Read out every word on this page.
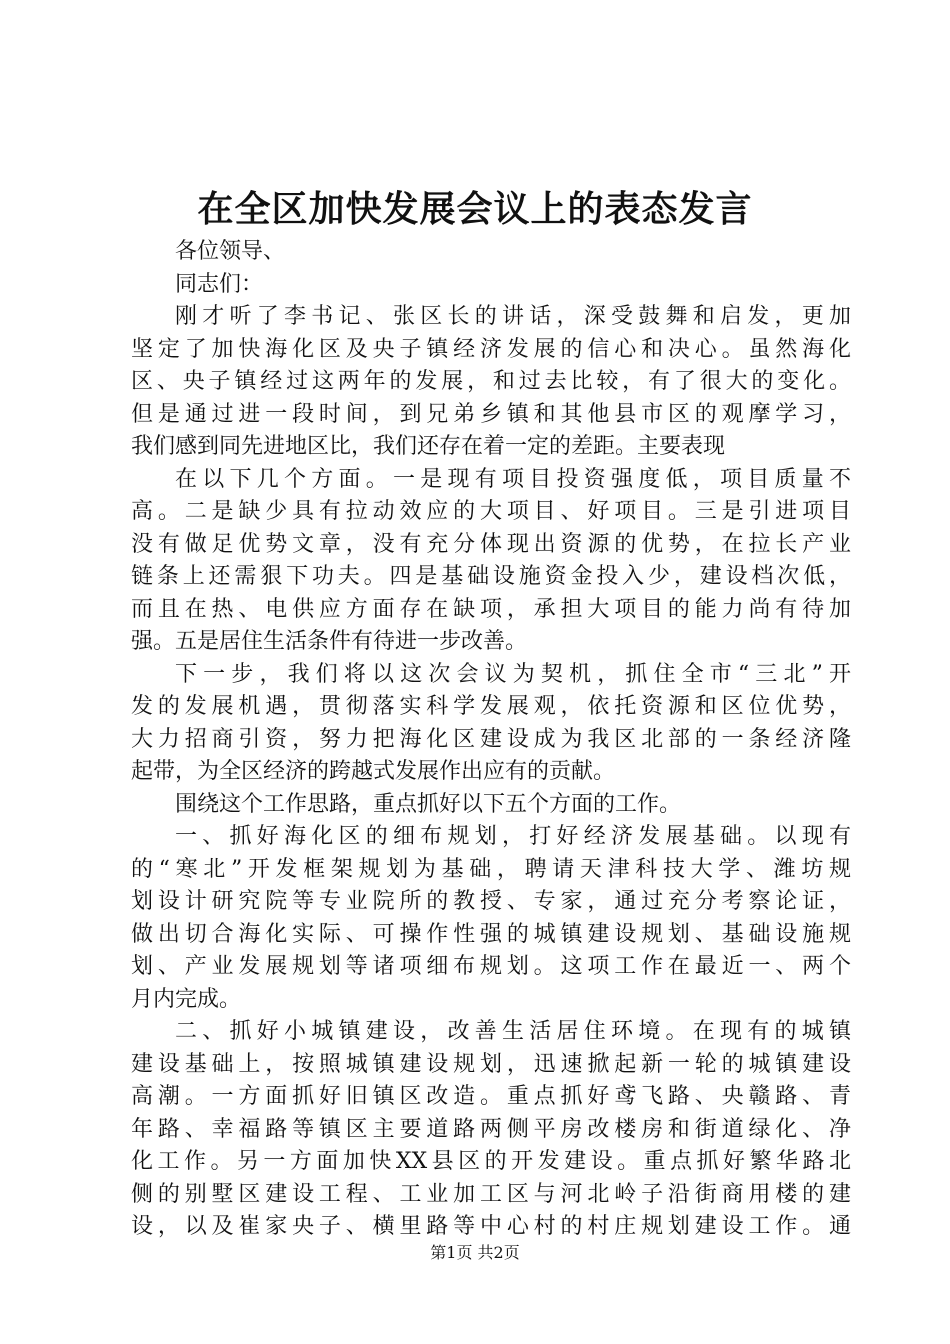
在全区加快发展会议上的表态发言
各位领导、
同志们：
刚才听了李书记、张区长的讲话，深受鼓舞和启发，更加
坚定了加快海化区及央子镇经济发展的信心和决心。虽然海化
区、央子镇经过这两年的发展，和过去比较，有了很大的变化。
但是通过进一段时间，到兄弟乡镇和其他县市区的观摩学习，
我们感到同先进地区比，我们还存在着一定的差距。主要表现
在以下几个方面。一是现有项目投资强度低，项目质量不
高。二是缺少具有拉动效应的大项目、好项目。三是引进项目
没有做足优势文章，没有充分体现出资源的优势，在拉长产业
链条上还需狠下功夫。四是基础设施资金投入少，建设档次低，
而且在热、电供应方面存在缺项，承担大项目的能力尚有待加
强。五是居住生活条件有待进一步改善。
下一步，我们将以这次会议为契机，抓住全市“三北”开
发的发展机遇，贯彻落实科学发展观，依托资源和区位优势，
大力招商引资，努力把海化区建设成为我区北部的一条经济隆
起带，为全区经济的跨越式发展作出应有的贡献。
围绕这个工作思路，重点抓好以下五个方面的工作。
一、抓好海化区的细布规划，打好经济发展基础。以现有
的“寒北”开发框架规划为基础，聘请天津科技大学、潍坊规
划设计研究院等专业院所的教授、专家，通过充分考察论证，
做出切合海化实际、可操作性强的城镇建设规划、基础设施规
划、产业发展规划等诸项细布规划。这项工作在最近一、两个
月内完成。
二、抓好小城镇建设，改善生活居住环境。在现有的城镇
建设基础上，按照城镇建设规划，迅速掀起新一轮的城镇建设
高潮。一方面抓好旧镇区改造。重点抓好鸢飞路、央赣路、青
年路、幸福路等镇区主要道路两侧平房改楼房和街道绿化、净
化工作。另一方面加快XX县区的开发建设。重点抓好繁华路北
侧的别墅区建设工程、工业加工区与河北岭子沿街商用楼的建
设，以及崔家央子、横里路等中心村的村庄规划建设工作。通
第1页 共2页
